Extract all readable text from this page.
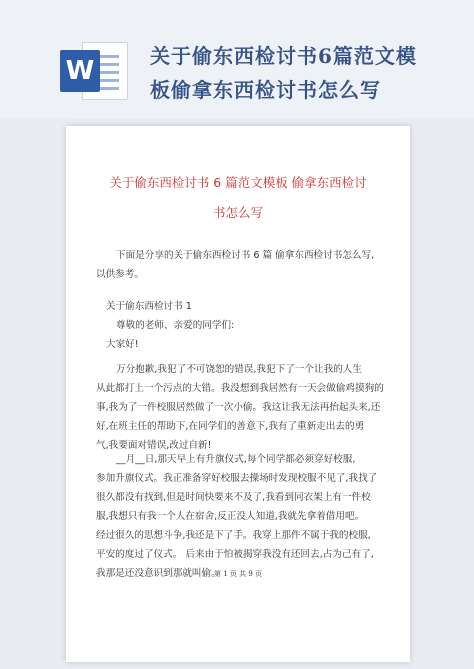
W	关于偷东西检讨书6篇范文模
板偷拿东西检讨书怎么写
关于偷东西检讨书 6 篇范文模板 偷拿东西检讨
书怎么写
下面是分享的关于偷东西检讨书 6 篇 偷拿东西检讨书怎么写,
以供参考。
关于偷东西检讨书 1
尊敬的老师、亲爱的同学们:
大家好!
万分抱歉,我犯了不可饶恕的错误,我犯下了一个让我的人生
从此都打上一个污点的大错。我没想到我居然有一天会做偷鸡摸狗的
事,我为了一件校服居然做了一次小偷。我这让我无法再抬起头来,还
好,在班主任的帮助下,在同学们的善意下,我有了重新走出去的勇
气,我要面对错误,改过自新!
__月__日,那天早上有升旗仪式,每个同学都必须穿好校服,
参加升旗仪式。我正准备穿好校服去操场时发现校服不见了,我找了
很久都没有找到,但是时间快要来不及了,我看到同衣架上有一件校
服,我想只有我一个人在宿舍,反正没人知道,我就先拿着借用吧。
经过很久的思想斗争,我还是下了手。我穿上那件不属于我的校服,
平安的度过了仪式。 后来由于怕被揭穿我没有还回去,占为己有了,
我那是还没意识到那就叫偷。
第 1 页 共 9 页
